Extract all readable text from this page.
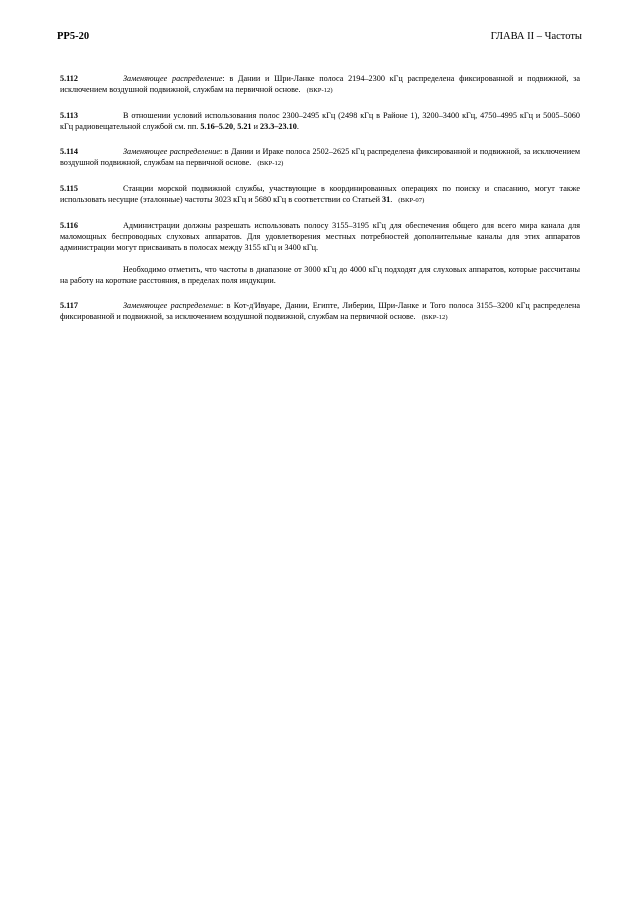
РР5-20	ГЛАВА II – Частоты

5.112	Заменяющее распределение: в Дании и Шри-Ланке полоса 2194–2300 кГц распределена фиксированной и подвижной, за исключением воздушной подвижной, службам на первичной основе. (ВКР-12)

5.113	В отношении условий использования полос 2300–2495 кГц (2498 кГц в Районе 1), 3200–3400 кГц, 4750–4995 кГц и 5005–5060 кГц радиовещательной службой см. пп. 5.16–5.20, 5.21 и 23.3–23.10.

5.114	Заменяющее распределение: в Дании и Ираке полоса 2502–2625 кГц распределена фиксированной и подвижной, за исключением воздушной подвижной, службам на первичной основе. (ВКР-12)

5.115	Станции морской подвижной службы, участвующие в координированных операциях по поиску и спасанию, могут также использовать несущие (эталонные) частоты 3023 кГц и 5680 кГц в соответствии со Статьей 31. (ВКР-07)

5.116	Администрации должны разрешать использовать полосу 3155–3195 кГц для обеспечения общего для всего мира канала для маломощных беспроводных слуховых аппаратов. Для удовлетворения местных потребностей дополнительные каналы для этих аппаратов администрации могут присваивать в полосах между 3155 кГц и 3400 кГц.

Необходимо отметить, что частоты в диапазоне от 3000 кГц до 4000 кГц подходят для слуховых аппаратов, которые рассчитаны на работу на короткие расстояния, в пределах поля индукции.

5.117	Заменяющее распределение: в Кот-д'Ивуаре, Дании, Египте, Либерии, Шри-Ланке и Того полоса 3155–3200 кГц распределена фиксированной и подвижной, за исключением воздушной подвижной, службам на первичной основе. (ВКР-12)
